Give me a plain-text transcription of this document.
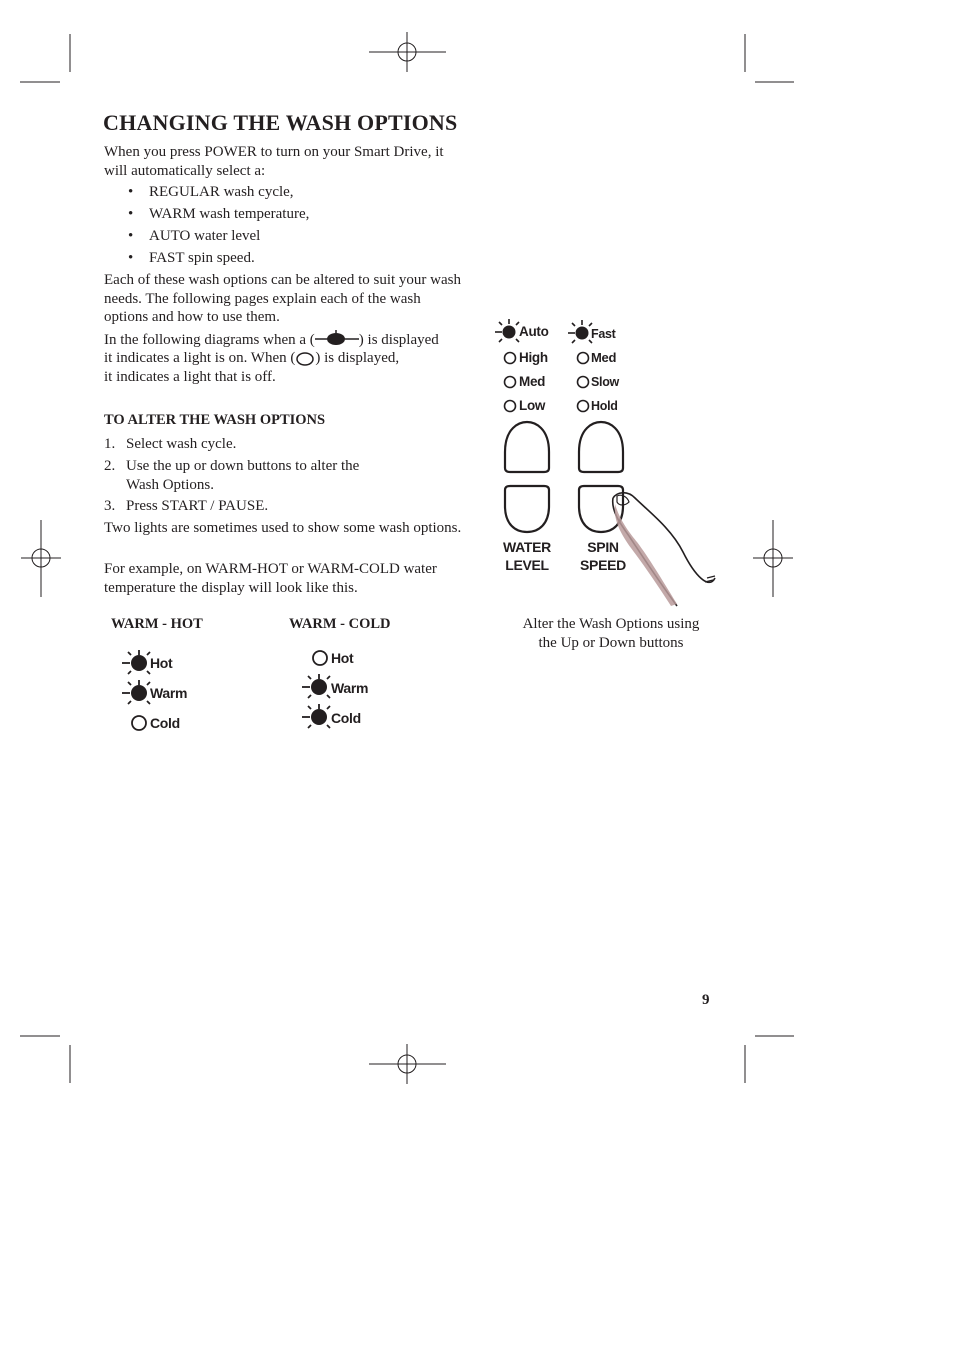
CHANGING THE WASH OPTIONS

When you press POWER to turn on your Smart Drive, it will automatically select a:

• REGULAR wash cycle,
• WARM wash temperature,
• AUTO water level
• FAST spin speed.

Each of these wash options can be altered to suit your wash needs. The following pages explain each of the wash options and how to use them.

In the following diagrams when a (	) is displayed
it indicates a light is on. When ( ) is displayed,
it indicates a light that is off.
TO ALTER THE WASH OPTIONS
1. Select wash cycle.
2. Use the up or down buttons to alter the
Wash Options.
3. Press START / PAUSE.

Two lights are sometimes used to show some wash options.

For example, on WARM-HOT or WARM-COLD water temperature the display will look like this.

WARM - HOT	WARM - COLD
Hot
Warm
Cold
Hot
Warm
Cold
Auto
High
Med
Low
Fast
Med
Slow
Hold
WATER
LEVEL
SPIN
SPEED
Alter the Wash Options using
the Up or Down buttons
9
